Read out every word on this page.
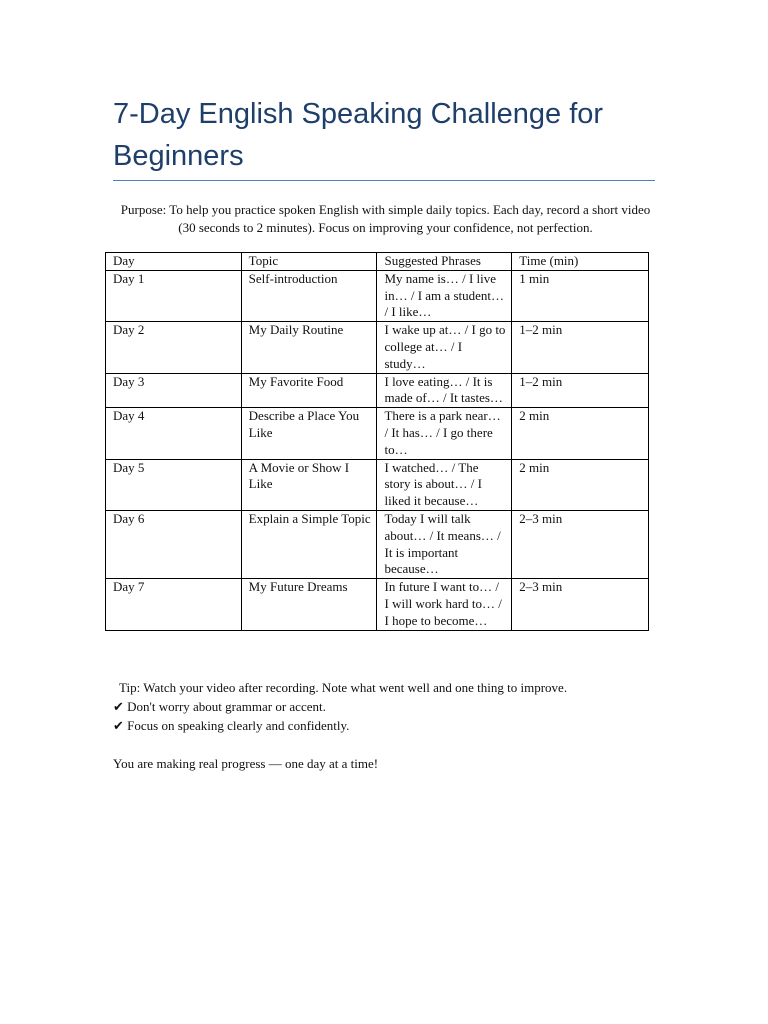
7-Day English Speaking Challenge for Beginners

Purpose: To help you practice spoken English with simple daily topics. Each day, record a short video (30 seconds to 2 minutes). Focus on improving your confidence, not perfection.

Day	Topic	Suggested Phrases	Time (min)
Day 1	Self-introduction	My name is… / I live in… / I am a student… / I like…	1 min
Day 2	My Daily Routine	I wake up at… / I go to college at… / I study…	1–2 min
Day 3	My Favorite Food	I love eating… / It is made of… / It tastes…	1–2 min
Day 4	Describe a Place You Like	There is a park near… / It has… / I go there to…	2 min
Day 5	A Movie or Show I Like	I watched… / The story is about… / I liked it because…	2 min
Day 6	Explain a Simple Topic	Today I will talk about… / It means… / It is important because…	2–3 min
Day 7	My Future Dreams	In future I want to… / I will work hard to… / I hope to become…	2–3 min

Tip: Watch your video after recording. Note what went well and one thing to improve.

✔ Don't worry about grammar or accent.

✔ Focus on speaking clearly and confidently.

You are making real progress — one day at a time!
